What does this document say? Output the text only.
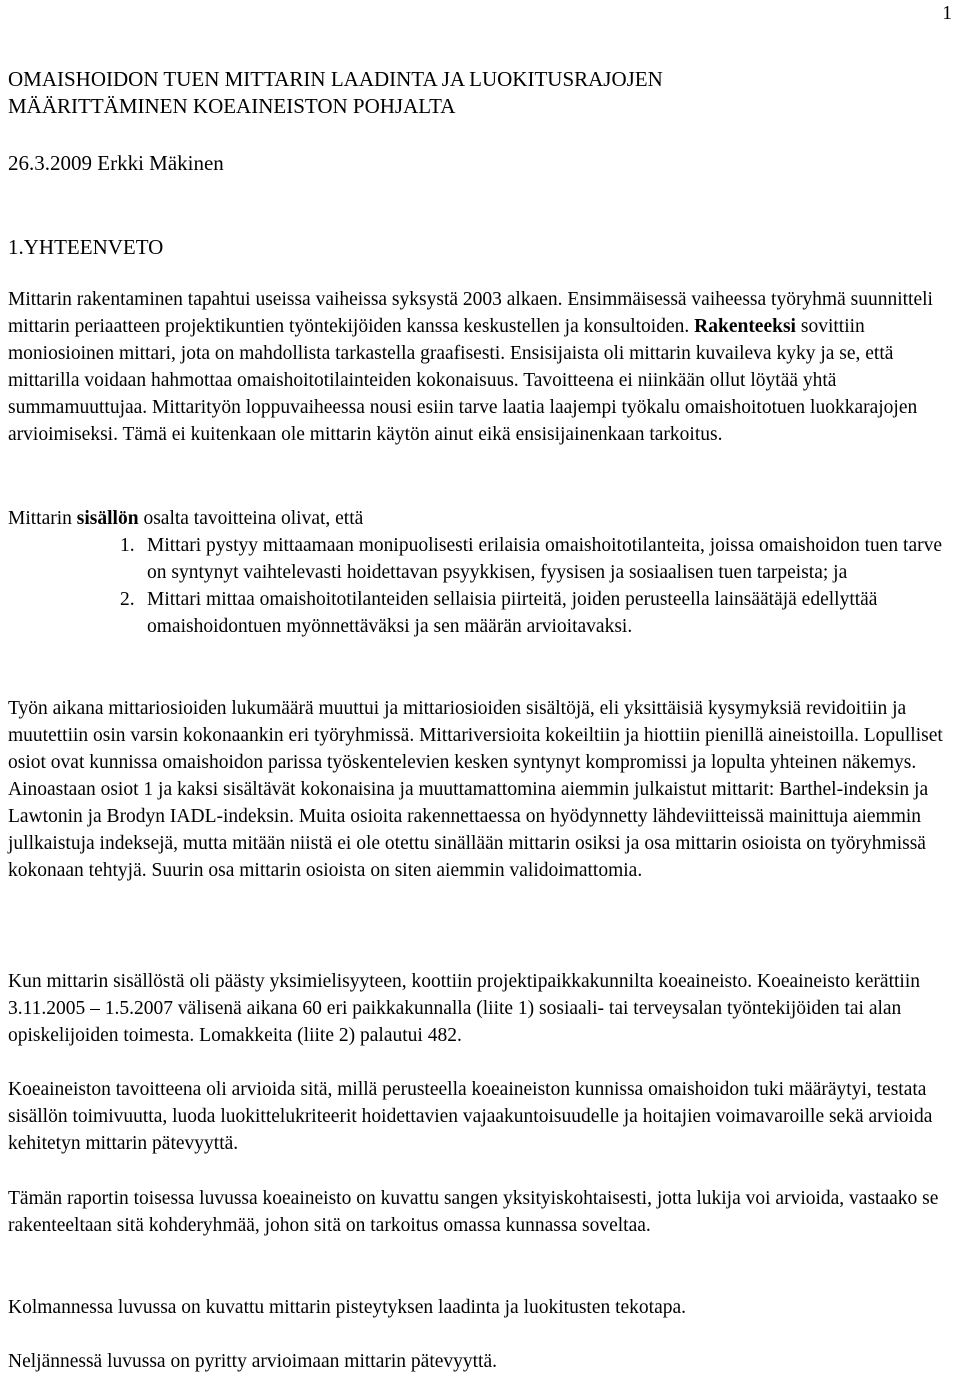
1
OMAISHOIDON TUEN MITTARIN LAADINTA JA LUOKITUSRAJOJEN
MÄÄRITTÄMINEN KOEAINEISTON POHJALTA
26.3.2009 Erkki Mäkinen
1.YHTEENVETO

Mittarin rakentaminen tapahtui useissa vaiheissa syksystä 2003 alkaen. Ensimmäisessä vaiheessa työryhmä suunnitteli mittarin periaatteen projektikuntien työntekijöiden kanssa keskustellen ja konsultoiden. Rakenteeksi sovittiin moniosioinen mittari, jota on mahdollista tarkastella graafisesti. Ensisijaista oli mittarin kuvaileva kyky ja se, että mittarilla voidaan hahmottaa omaishoitotilainteiden kokonaisuus. Tavoitteena ei niinkään ollut löytää yhtä summamuuttujaa. Mittarityön loppuvaiheessa nousi esiin tarve laatia laajempi työkalu omaishoitotuen luokkarajojen arvioimiseksi. Tämä ei kuitenkaan ole mittarin käytön ainut eikä ensisijainenkaan tarkoitus.

Mittarin sisällön osalta tavoitteina olivat, että

1. Mittari pystyy mittaamaan monipuolisesti erilaisia omaishoitotilanteita, joissa omaishoidon tuen tarve on syntynyt vaihtelevasti hoidettavan psyykkisen, fyysisen ja sosiaalisen tuen tarpeista; ja
2. Mittari mittaa omaishoitotilanteiden sellaisia piirteitä, joiden perusteella lainsäätäjä edellyttää omaishoidontuen myönnettäväksi ja sen määrän arvioitavaksi.

Työn aikana mittariosioiden lukumäärä muuttui ja mittariosioiden sisältöjä, eli yksittäisiä kysymyksiä revidoitiin ja muutettiin osin varsin kokonaankin eri työryhmissä. Mittariversioita kokeiltiin ja hiottiin pienillä aineistoilla. Lopulliset osiot ovat kunnissa omaishoidon parissa työskentelevien kesken syntynyt kompromissi ja lopulta yhteinen näkemys. Ainoastaan osiot 1 ja kaksi sisältävät kokonaisina ja muuttamattomina aiemmin julkaistut mittarit: Barthel-indeksin ja Lawtonin ja Brodyn IADL-indeksin. Muita osioita rakennettaessa on hyödynnetty lähdeviitteissä mainittuja aiemmin jullkaistuja indeksejä, mutta mitään niistä ei ole otettu sinällään mittarin osiksi ja osa mittarin osioista on työryhmissä kokonaan tehtyjä. Suurin osa mittarin osioista on siten aiemmin validoimattomia.

Kun mittarin sisällöstä oli päästy yksimielisyyteen, koottiin projektipaikkakunnilta koeaineisto. Koeaineisto kerättiin 3.11.2005 – 1.5.2007 välisenä aikana 60 eri paikkakunnalla (liite 1) sosiaali- tai terveysalan työntekijöiden tai alan opiskelijoiden toimesta. Lomakkeita (liite 2) palautui 482.

Koeaineiston tavoitteena oli arvioida sitä, millä perusteella koeaineiston kunnissa omaishoidon tuki määräytyi, testata sisällön toimivuutta, luoda luokittelukriteerit hoidettavien vajaakuntoisuudelle ja hoitajien voimavaroille sekä arvioida kehitetyn mittarin pätevyyttä.

Tämän raportin toisessa luvussa koeaineisto on kuvattu sangen yksityiskohtaisesti, jotta lukija voi arvioida, vastaako se rakenteeltaan sitä kohderyhmää, johon sitä on tarkoitus omassa kunnassa soveltaa.

Kolmannessa luvussa on kuvattu mittarin pisteytyksen laadinta ja luokitusten tekotapa.

Neljännessä luvussa on pyritty arvioimaan mittarin pätevyyttä.
